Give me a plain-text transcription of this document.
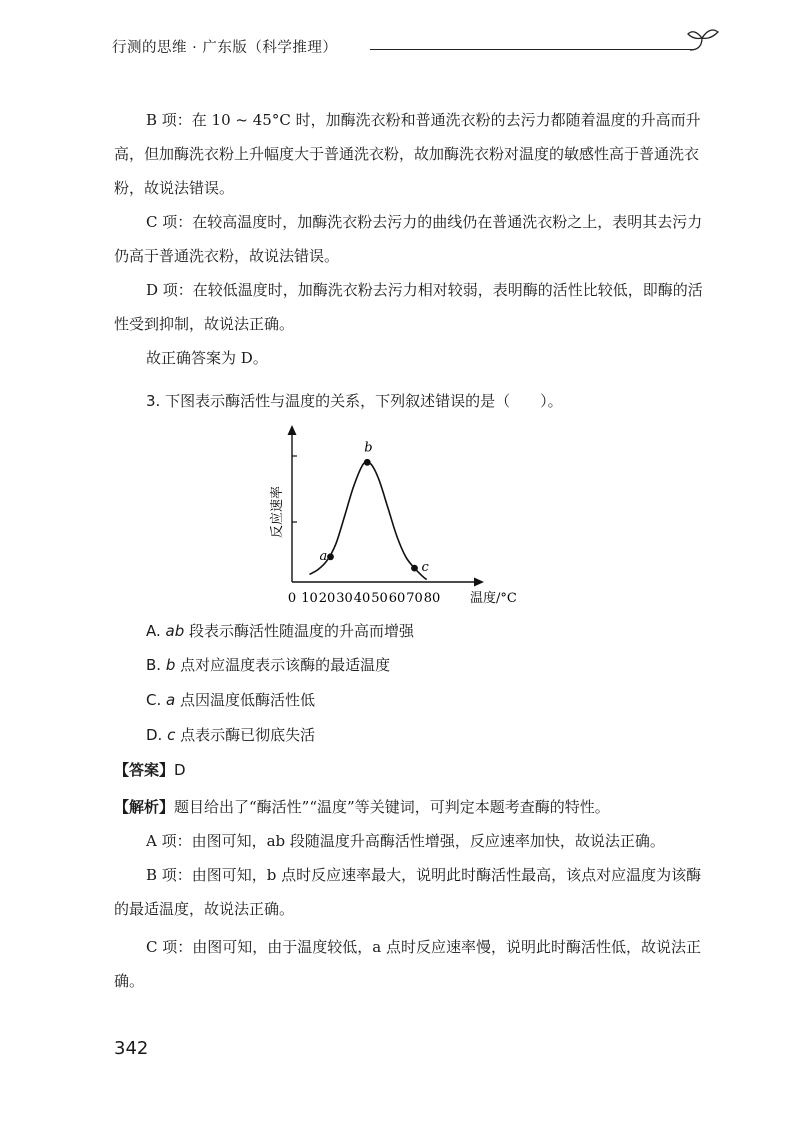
行测的思维 · 广东版（科学推理）

B 项：在 10 ~ 45°C 时，加酶洗衣粉和普通洗衣粉的去污力都随着温度的升高而升高，但加酶洗衣粉上升幅度大于普通洗衣粉，故加酶洗衣粉对温度的敏感性高于普通洗衣粉，故说法错误。

C 项：在较高温度时，加酶洗衣粉去污力的曲线仍在普通洗衣粉之上，表明其去污力仍高于普通洗衣粉，故说法错误。

D 项：在较低温度时，加酶洗衣粉去污力相对较弱，表明酶的活性比较低，即酶的活性受到抑制，故说法正确。

故正确答案为 D。

3. 下图表示酶活性与温度的关系，下列叙述错误的是（　　）。
0 10 20 30 40 50 60 70 80 温度/°C
反应速率
a
b
c
A. ab 段表示酶活性随温度的升高而增强
B. b 点对应温度表示该酶的最适温度
C. a 点因温度低酶活性低
D. c 点表示酶已彻底失活
【答案】D
【解析】题目给出了“酶活性”“温度”等关键词，可判定本题考查酶的特性。

A 项：由图可知，ab 段随温度升高酶活性增强，反应速率加快，故说法正确。

B 项：由图可知，b 点时反应速率最大，说明此时酶活性最高，该点对应温度为该酶的最适温度，故说法正确。

C 项：由图可知，由于温度较低，a 点时反应速率慢，说明此时酶活性低，故说法正确。

342
